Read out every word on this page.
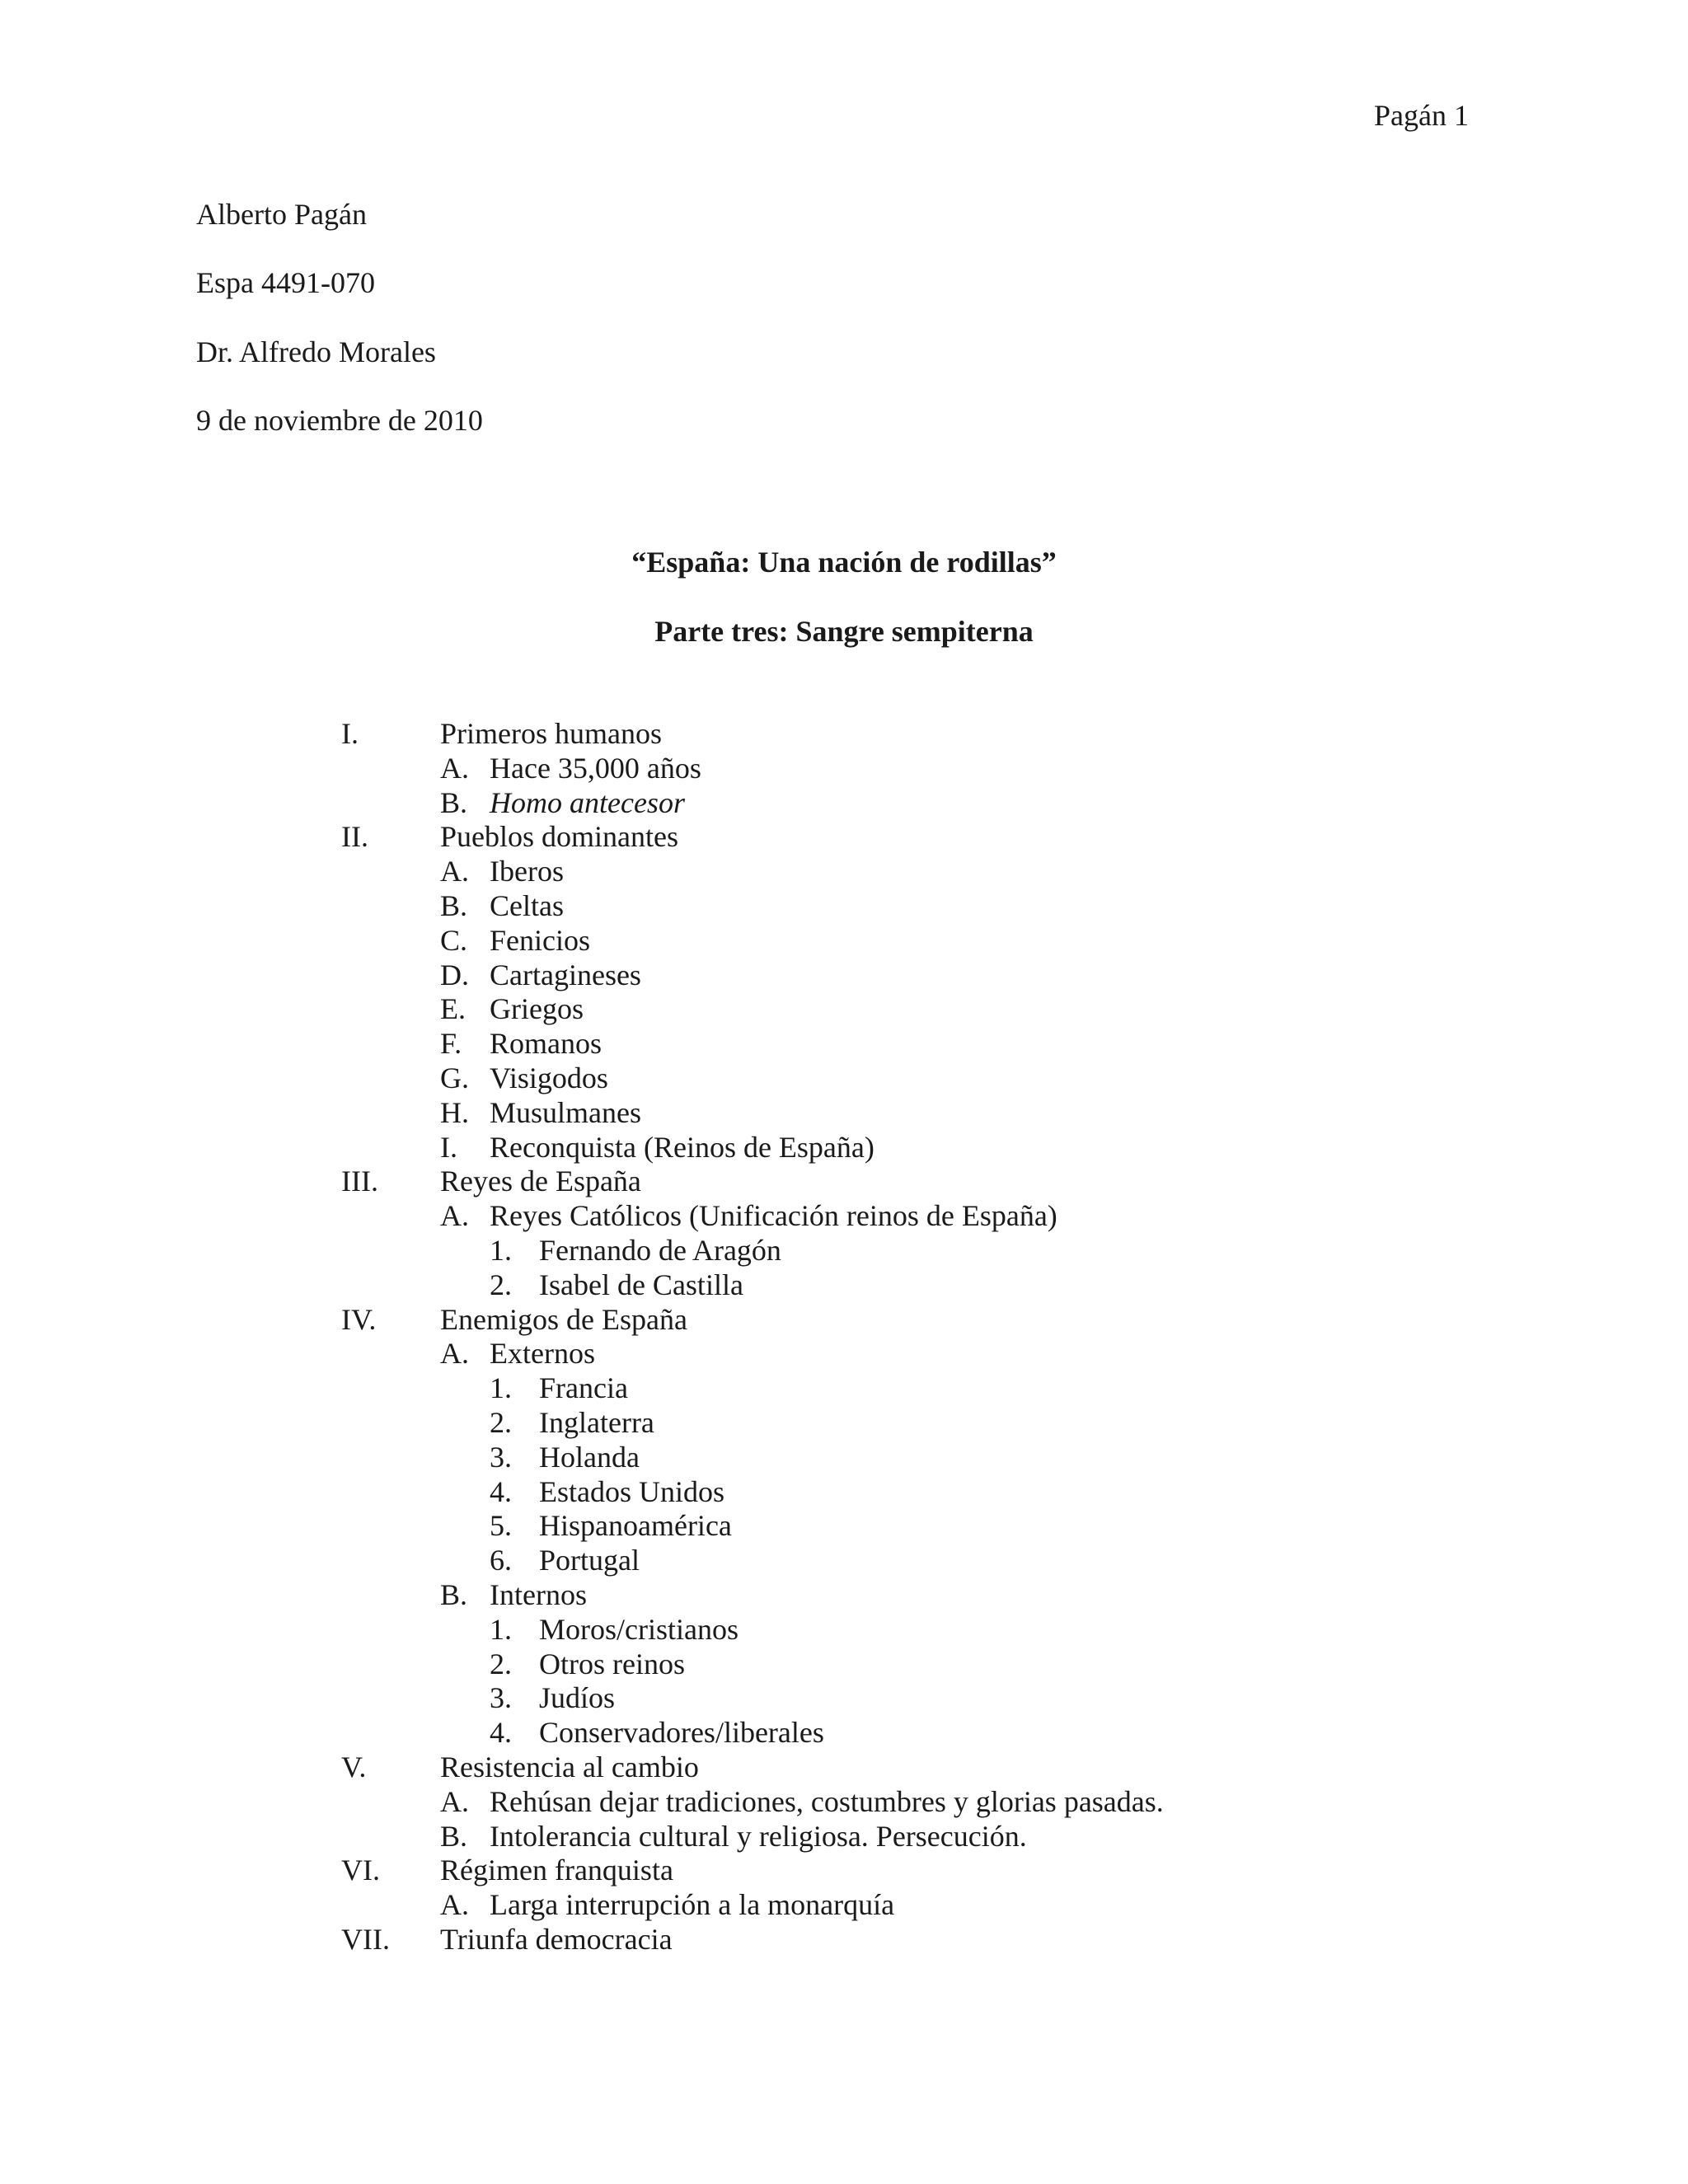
Pagán 1
Alberto Pagán
Espa 4491-070
Dr. Alfredo Morales
9 de noviembre de 2010
“España: Una nación de rodillas”
Parte tres: Sangre sempiterna
I.	Primeros humanos
A. Hace 35,000 años
B. Homo antecesor
II. Pueblos dominantes
A. Iberos
B. Celtas
C. Fenicios
D. Cartagineses
E. Griegos
F. Romanos
G. Visigodos
H. Musulmanes
I. Reconquista (Reinos de España)
III. Reyes de España
A. Reyes Católicos (Unificación reinos de España)
1. Fernando de Aragón
2. Isabel de Castilla
IV. Enemigos de España
A. Externos
1. Francia
2. Inglaterra
3. Holanda
4. Estados Unidos
5. Hispanoamérica
6. Portugal
B. Internos
1. Moros/cristianos
2. Otros reinos
3. Judíos
4. Conservadores/liberales
V. Resistencia al cambio
A. Rehúsan dejar tradiciones, costumbres y glorias pasadas.
B. Intolerancia cultural y religiosa. Persecución.
VI. Régimen franquista
A. Larga interrupción a la monarquía
VII. Triunfa democracia
